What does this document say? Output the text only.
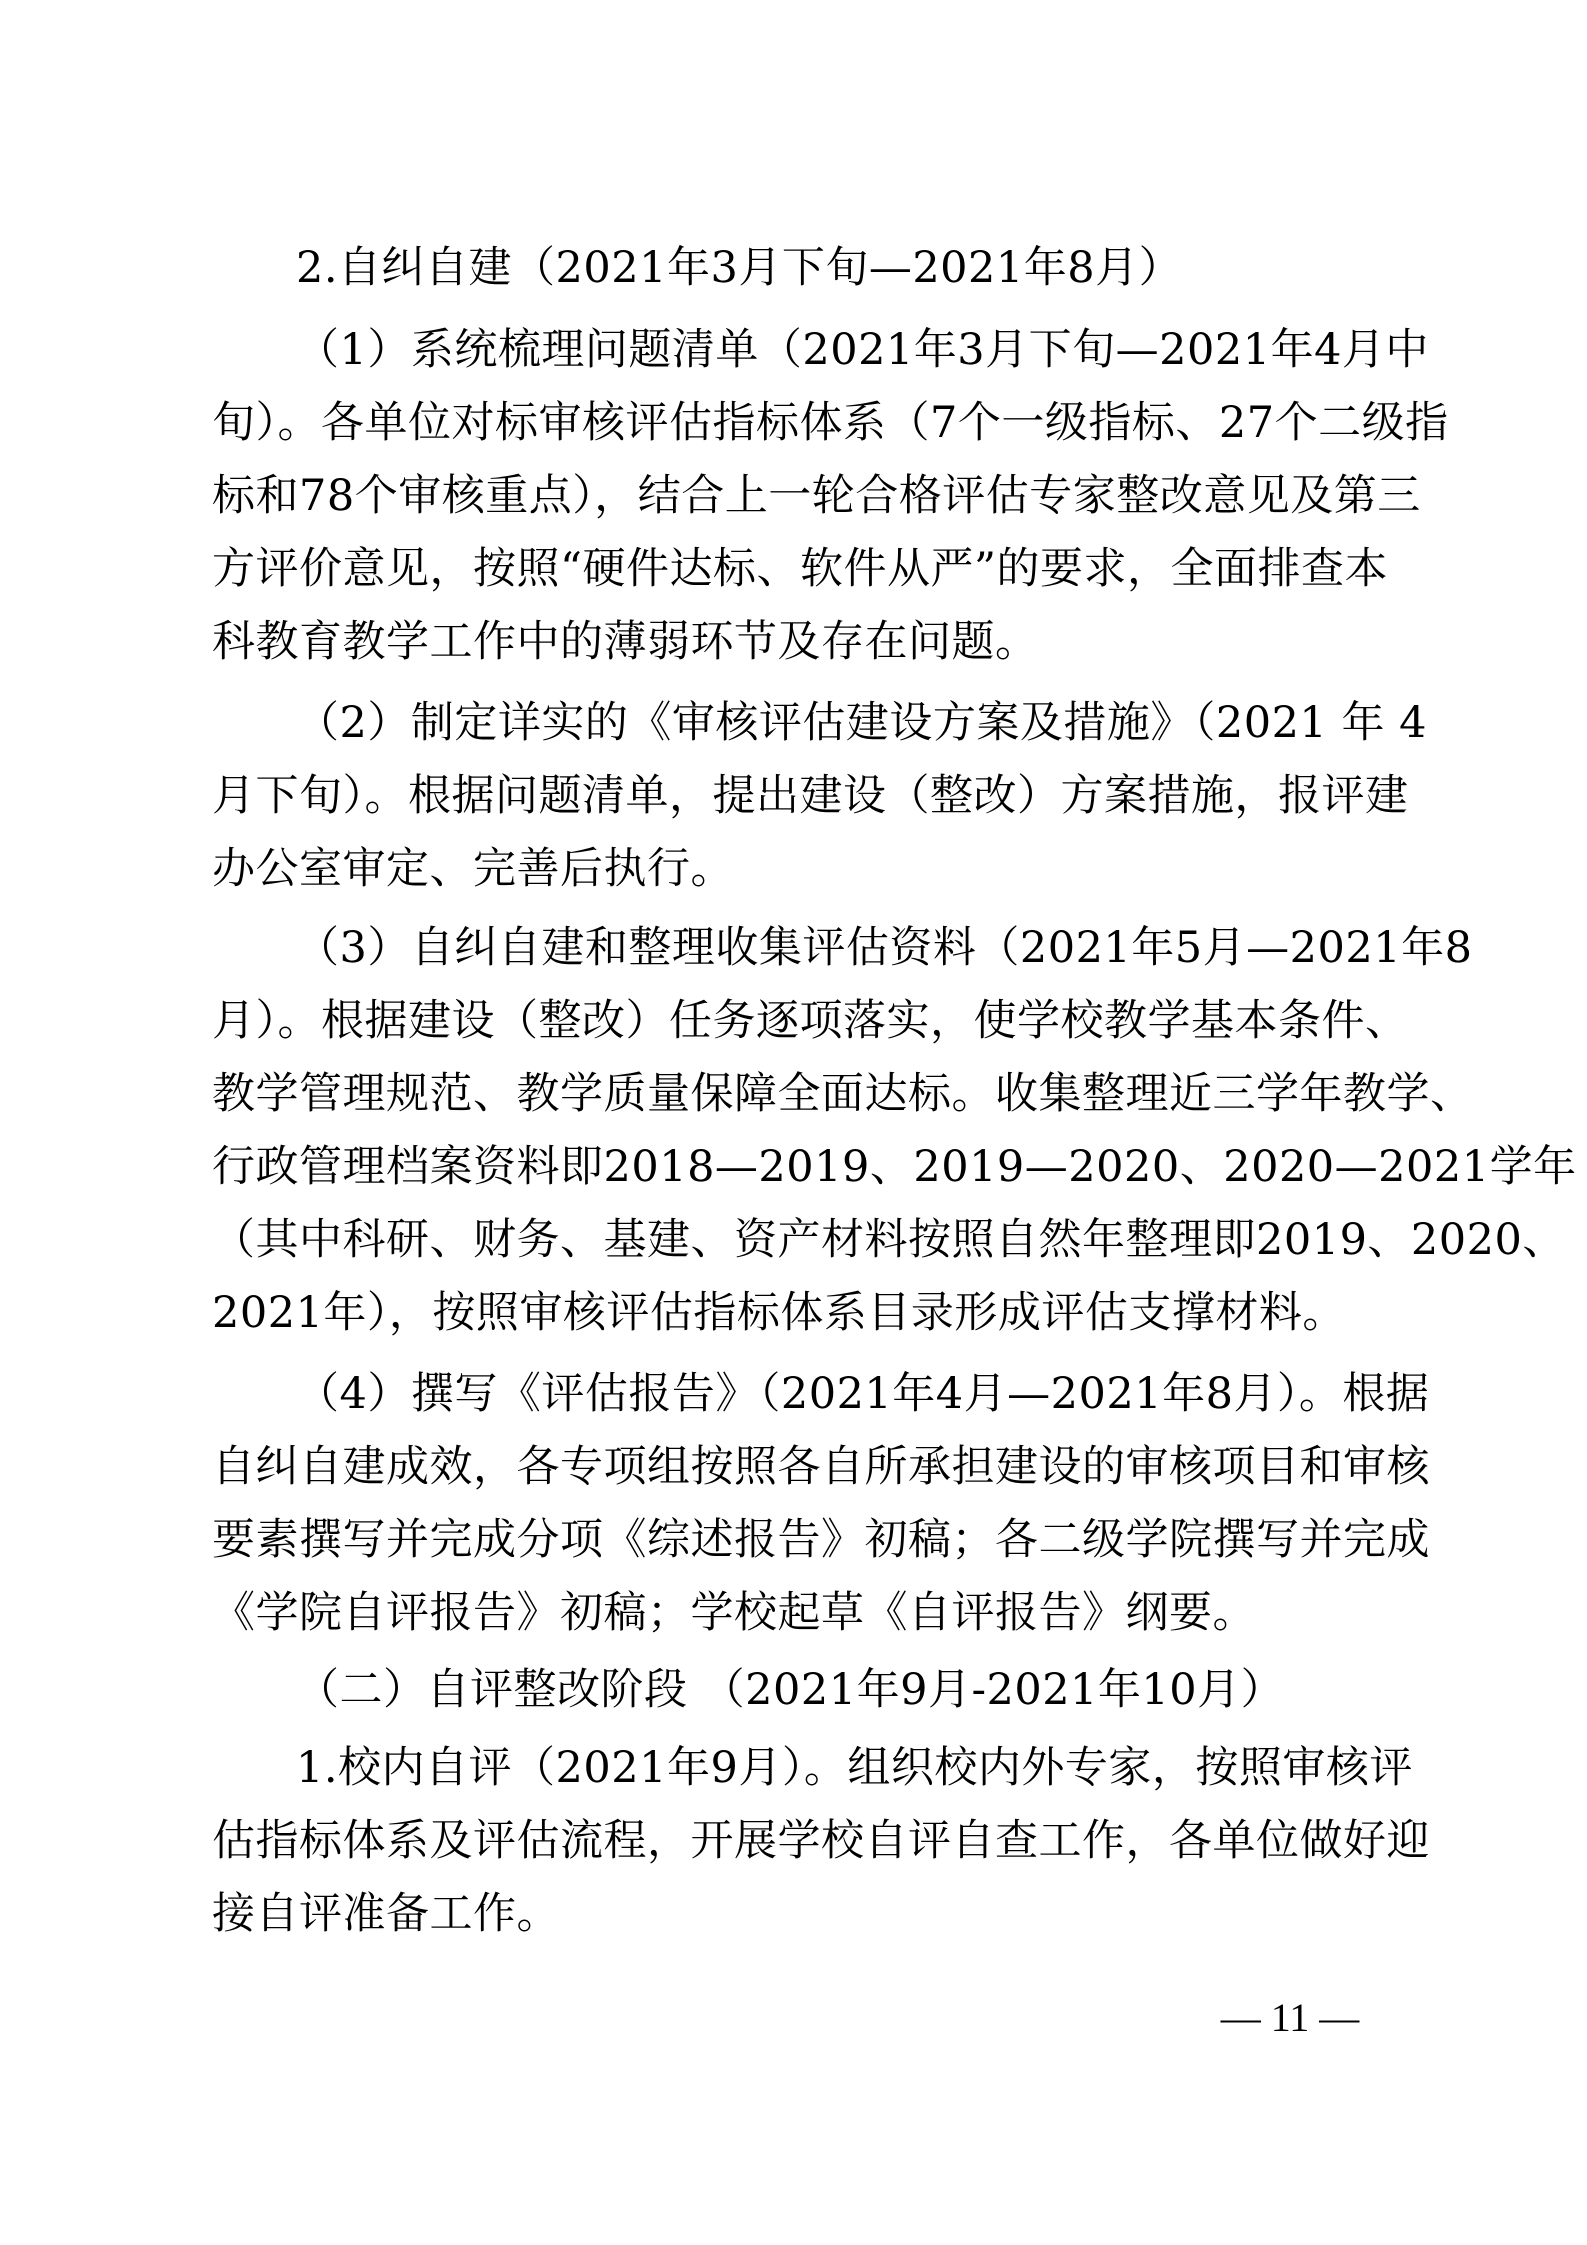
2.自纠自建（2021年3月下旬—2021年8月）
（1）系统梳理问题清单（2021年3月下旬—2021年4月中
旬）。各单位对标审核评估指标体系（7个一级指标、27个二级指
标和78个审核重点），结合上一轮合格评估专家整改意见及第三
方评价意见，按照“硬件达标、软件从严”的要求，全面排查本
科教育教学工作中的薄弱环节及存在问题。
（2）制定详实的《审核评估建设方案及措施》（2021 年 4
月下旬）。根据问题清单，提出建设（整改）方案措施，报评建
办公室审定、完善后执行。
（3）自纠自建和整理收集评估资料（2021年5月—2021年8
月）。根据建设（整改）任务逐项落实，使学校教学基本条件、
教学管理规范、教学质量保障全面达标。收集整理近三学年教学、
行政管理档案资料即2018—2019、2019—2020、2020—2021学年
（其中科研、财务、基建、资产材料按照自然年整理即2019、2020、
2021年），按照审核评估指标体系目录形成评估支撑材料。
（4）撰写《评估报告》（2021年4月—2021年8月）。根据
自纠自建成效，各专项组按照各自所承担建设的审核项目和审核
要素撰写并完成分项《综述报告》初稿；各二级学院撰写并完成
《学院自评报告》初稿；学校起草《自评报告》纲要。
（二）自评整改阶段 （2021年9月-2021年10月）
1.校内自评（2021年9月）。组织校内外专家，按照审核评
估指标体系及评估流程，开展学校自评自查工作，各单位做好迎
接自评准备工作。
— 11 —
